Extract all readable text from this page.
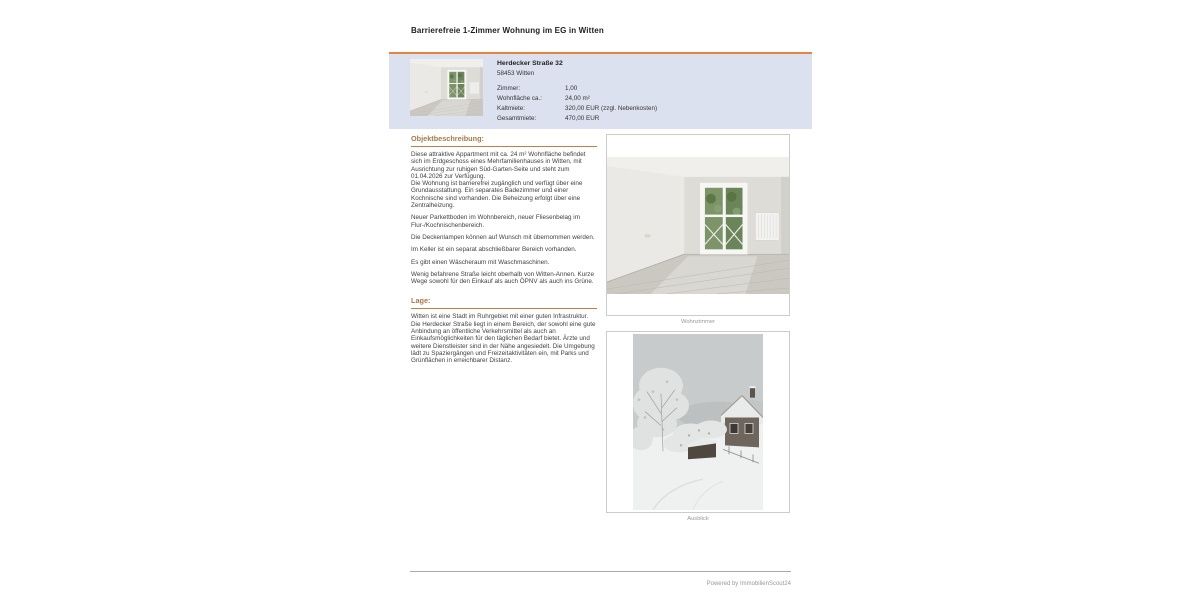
Barrierefreie 1-Zimmer Wohnung im EG in Witten
Herdecker Straße 32
58453 Witten
Zimmer:	1,00
Wohnfläche ca.:	24,00 m²
Kaltmiete:	320,00 EUR (zzgl. Nebenkosten)
Gesamtmiete:	470,00 EUR
Objektbeschreibung:

Diese attraktive Appartment mit ca. 24 m² Wohnfläche befindet sich im Erdgeschoss eines Mehrfamilienhauses in Witten, mit Ausrichtung zur ruhigen Süd-Garten-Seite und steht zum 01.04.2026 zur Verfügung.

Die Wohnung ist barrierefrei zugänglich und verfügt über eine Grundausstattung. Ein separates Badezimmer und einer Kochnische sind vorhanden. Die Beheizung erfolgt über eine Zentralheizung.

Neuer Parkettboden im Wohnbereich, neuer Fliesenbelag im Flur-/Kochnischenbereich.

Die Deckenlampen können auf Wunsch mit übernommen werden.

Im Keller ist ein separat abschließbarer Bereich vorhanden.

Es gibt einen Wäscheraum mit Waschmaschinen.

Wenig befahrene Straße leicht oberhalb von Witten-Annen. Kurze Wege sowohl für den Einkauf als auch ÖPNV als auch ins Grüne.

Lage:

Witten ist eine Stadt im Ruhrgebiet mit einer guten Infrastruktur. Die Herdecker Straße liegt in einem Bereich, der sowohl eine gute Anbindung an öffentliche Verkehrsmittel als auch an Einkaufsmöglichkeiten für den täglichen Bedarf bietet. Ärzte und weitere Dienstleister sind in der Nähe angesiedelt. Die Umgebung lädt zu Spaziergängen und Freizeitaktivitäten ein, mit Parks und Grünflächen in erreichbarer Distanz.

Wohnzimmer
Ausblick
Powered by ImmobilienScout24
